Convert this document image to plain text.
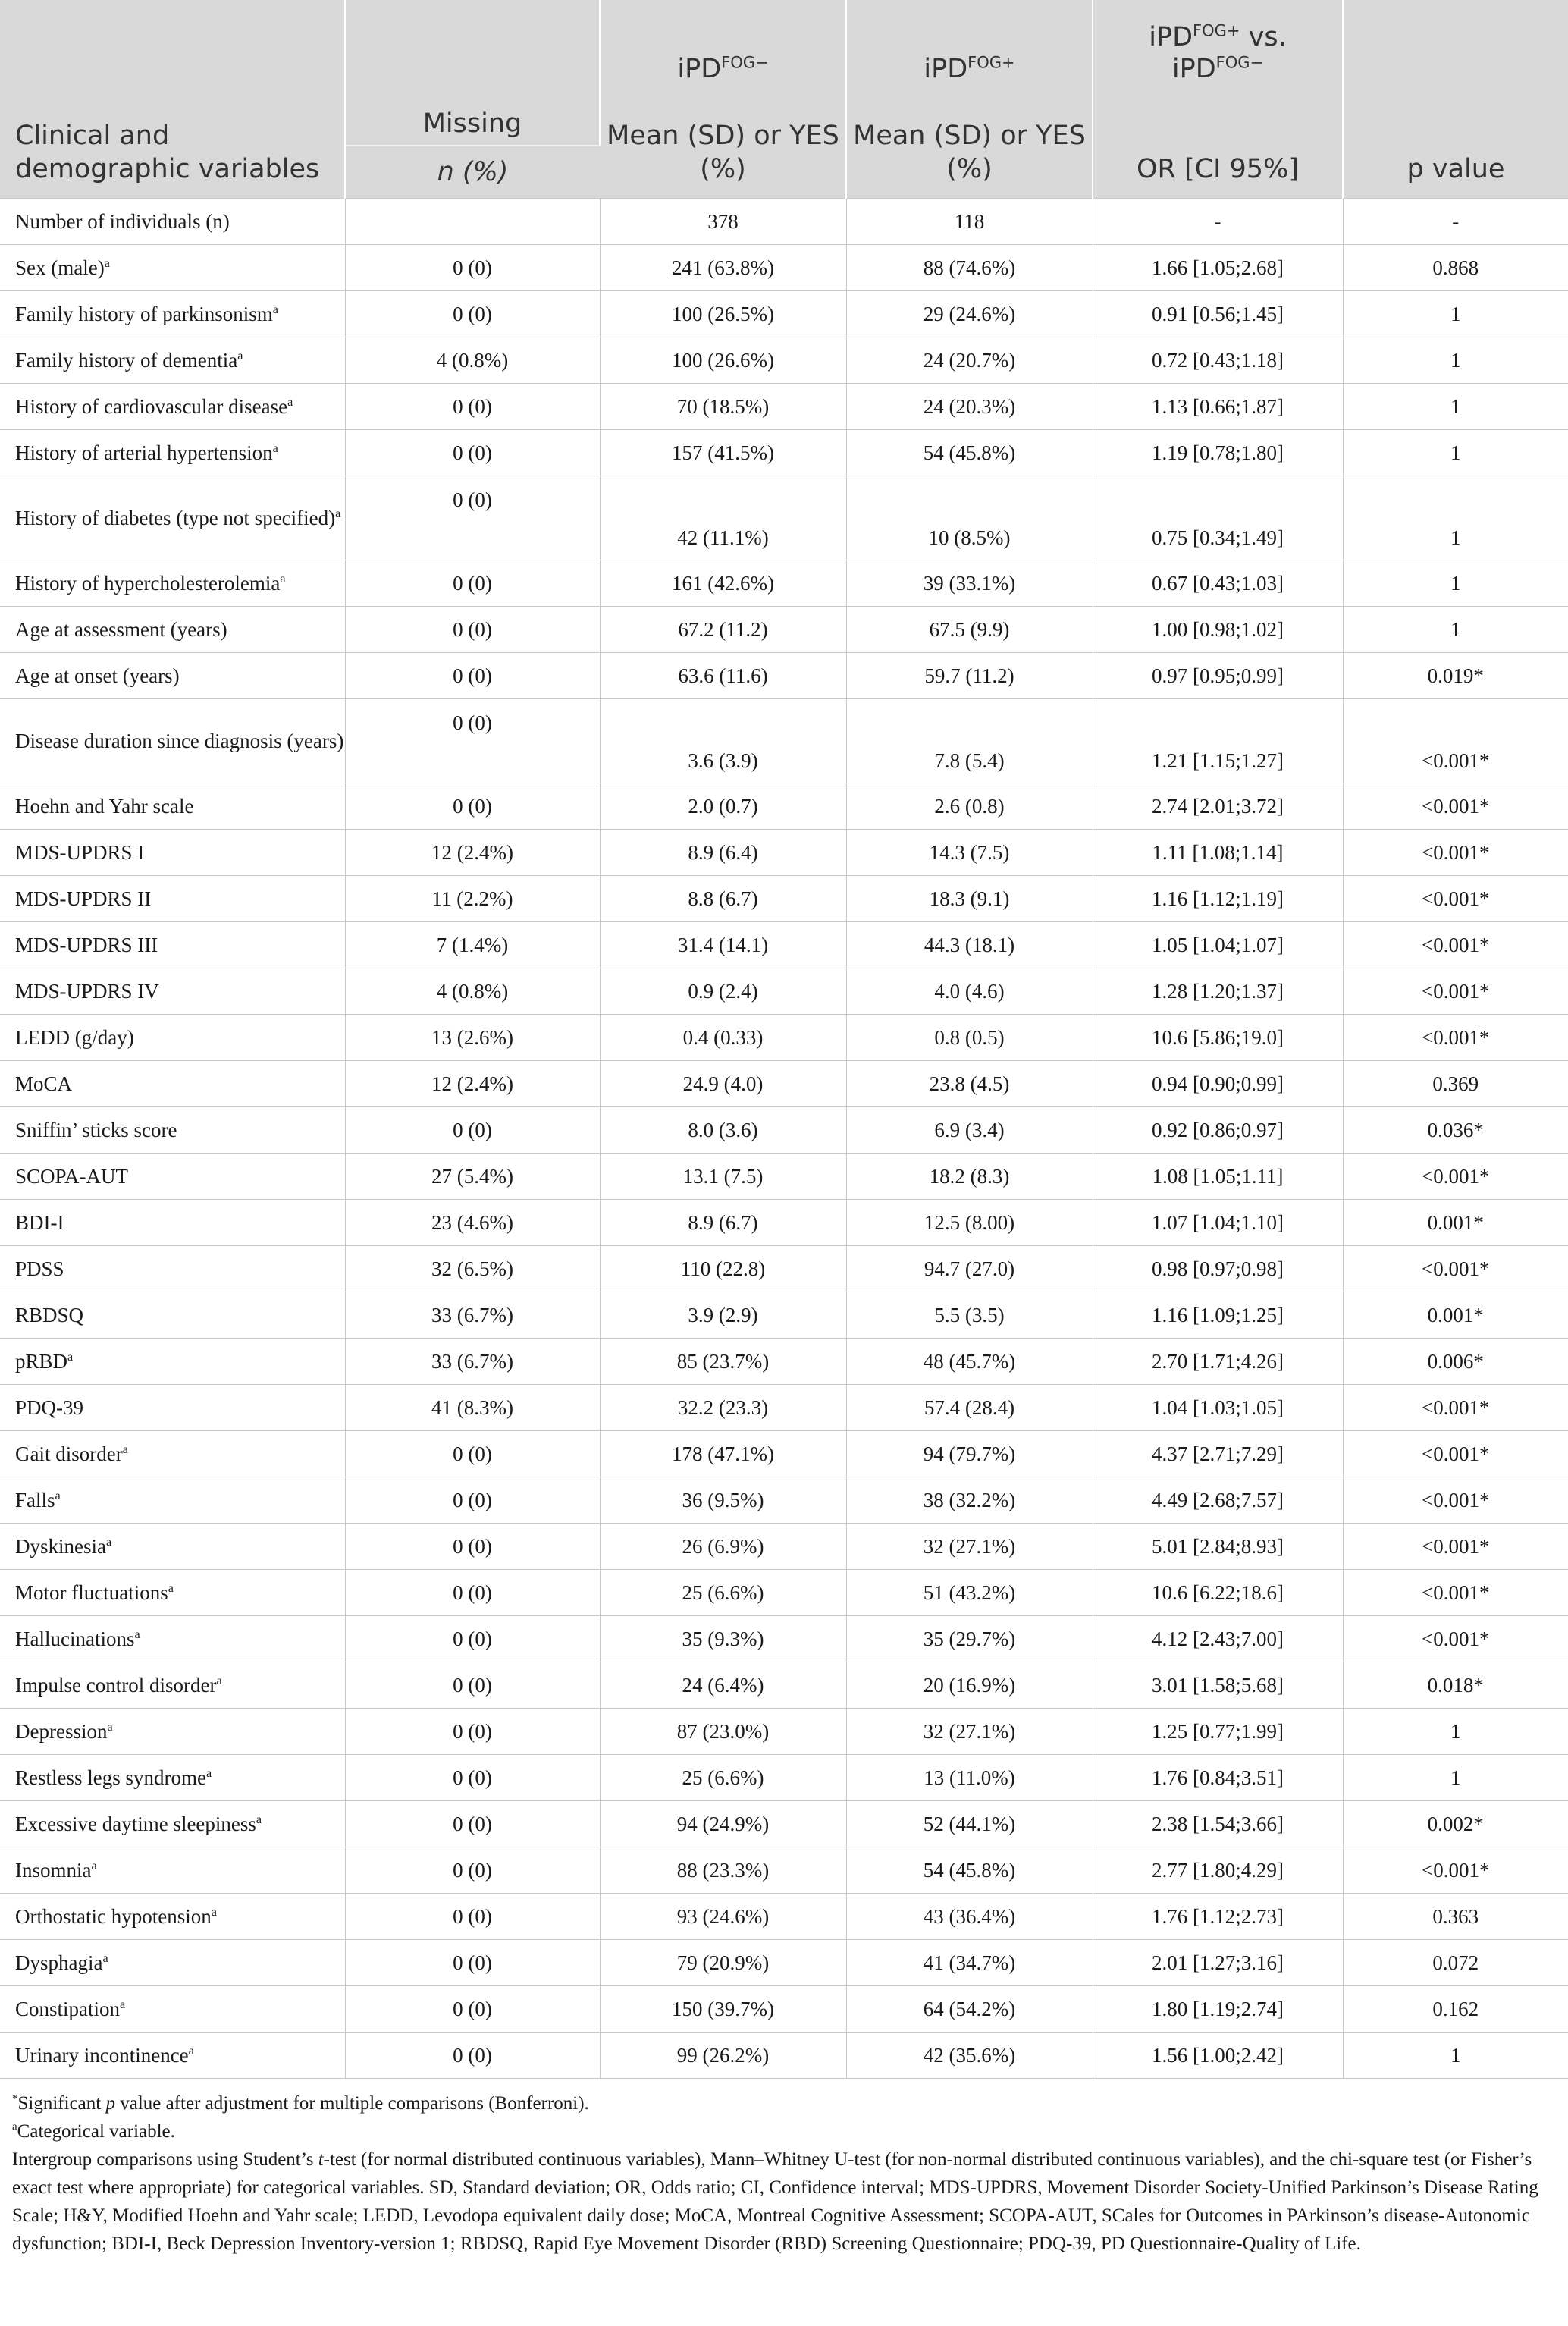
		iPD$^{FOG-}$	iPD$^{FOG+}$	iPD$^{FOG+}$ vs.
iPD$^{FOG-}$	
Clinical and demographic variables	Missing	Mean (SD) or YES (%)	Mean (SD) or YES (%)	OR [CI 95%]	p value
	n (%)				
Number of individuals (n)		378	118	-	-
Sex (male)$^a$	0 (0)	241 (63.8%)	88 (74.6%)	1.66 [1.05;2.68]	0.868
Family history of parkinsonism$^a$	0 (0)	100 (26.5%)	29 (24.6%)	0.91 [0.56;1.45]	1
Family history of dementia$^a$	4 (0.8%)	100 (26.6%)	24 (20.7%)	0.72 [0.43;1.18]	1
History of cardiovascular disease$^a$	0 (0)	70 (18.5%)	24 (20.3%)	1.13 [0.66;1.87]	1
History of arterial hypertension$^a$	0 (0)	157 (41.5%)	54 (45.8%)	1.19 [0.78;1.80]	1
History of diabetes (type not specified)$^a$	0 (0)	42 (11.1%)	10 (8.5%)	0.75 [0.34;1.49]	1
History of hypercholesterolemia$^a$	0 (0)	161 (42.6%)	39 (33.1%)	0.67 [0.43;1.03]	1
Age at assessment (years)	0 (0)	67.2 (11.2)	67.5 (9.9)	1.00 [0.98;1.02]	1
Age at onset (years)	0 (0)	63.6 (11.6)	59.7 (11.2)	0.97 [0.95;0.99]	0.019*
Disease duration since diagnosis (years)	0 (0)	3.6 (3.9)	7.8 (5.4)	1.21 [1.15;1.27]	<0.001*
Hoehn and Yahr scale	0 (0)	2.0 (0.7)	2.6 (0.8)	2.74 [2.01;3.72]	<0.001*
MDS-UPDRS I	12 (2.4%)	8.9 (6.4)	14.3 (7.5)	1.11 [1.08;1.14]	<0.001*
MDS-UPDRS II	11 (2.2%)	8.8 (6.7)	18.3 (9.1)	1.16 [1.12;1.19]	<0.001*
MDS-UPDRS III	7 (1.4%)	31.4 (14.1)	44.3 (18.1)	1.05 [1.04;1.07]	<0.001*
MDS-UPDRS IV	4 (0.8%)	0.9 (2.4)	4.0 (4.6)	1.28 [1.20;1.37]	<0.001*
LEDD (g/day)	13 (2.6%)	0.4 (0.33)	0.8 (0.5)	10.6 [5.86;19.0]	<0.001*
MoCA	12 (2.4%)	24.9 (4.0)	23.8 (4.5)	0.94 [0.90;0.99]	0.369
Sniffin’ sticks score	0 (0)	8.0 (3.6)	6.9 (3.4)	0.92 [0.86;0.97]	0.036*
SCOPA-AUT	27 (5.4%)	13.1 (7.5)	18.2 (8.3)	1.08 [1.05;1.11]	<0.001*
BDI-I	23 (4.6%)	8.9 (6.7)	12.5 (8.00)	1.07 [1.04;1.10]	0.001*
PDSS	32 (6.5%)	110 (22.8)	94.7 (27.0)	0.98 [0.97;0.98]	<0.001*
RBDSQ	33 (6.7%)	3.9 (2.9)	5.5 (3.5)	1.16 [1.09;1.25]	0.001*
pRBD$^a$	33 (6.7%)	85 (23.7%)	48 (45.7%)	2.70 [1.71;4.26]	0.006*
PDQ-39	41 (8.3%)	32.2 (23.3)	57.4 (28.4)	1.04 [1.03;1.05]	<0.001*
Gait disorder$^a$	0 (0)	178 (47.1%)	94 (79.7%)	4.37 [2.71;7.29]	<0.001*
Falls$^a$	0 (0)	36 (9.5%)	38 (32.2%)	4.49 [2.68;7.57]	<0.001*
Dyskinesia$^a$	0 (0)	26 (6.9%)	32 (27.1%)	5.01 [2.84;8.93]	<0.001*
Motor fluctuations$^a$	0 (0)	25 (6.6%)	51 (43.2%)	10.6 [6.22;18.6]	<0.001*
Hallucinations$^a$	0 (0)	35 (9.3%)	35 (29.7%)	4.12 [2.43;7.00]	<0.001*
Impulse control disorder$^a$	0 (0)	24 (6.4%)	20 (16.9%)	3.01 [1.58;5.68]	0.018*
Depression$^a$	0 (0)	87 (23.0%)	32 (27.1%)	1.25 [0.77;1.99]	1
Restless legs syndrome$^a$	0 (0)	25 (6.6%)	13 (11.0%)	1.76 [0.84;3.51]	1
Excessive daytime sleepiness$^a$	0 (0)	94 (24.9%)	52 (44.1%)	2.38 [1.54;3.66]	0.002*
Insomnia$^a$	0 (0)	88 (23.3%)	54 (45.8%)	2.77 [1.80;4.29]	<0.001*
Orthostatic hypotension$^a$	0 (0)	93 (24.6%)	43 (36.4%)	1.76 [1.12;2.73]	0.363
Dysphagia$^a$	0 (0)	79 (20.9%)	41 (34.7%)	2.01 [1.27;3.16]	0.072
Constipation$^a$	0 (0)	150 (39.7%)	64 (54.2%)	1.80 [1.19;2.74]	0.162
Urinary incontinence$^a$	0 (0)	99 (26.2%)	42 (35.6%)	1.56 [1.00;2.42]	1

*Significant p value after adjustment for multiple comparisons (Bonferroni).

$^a$Categorical variable.

Intergroup comparisons using Student’s t-test (for normal distributed continuous variables), Mann–Whitney U-test (for non-normal distributed continuous variables), and the chi-square test (or Fisher’s exact test where appropriate) for categorical variables. SD, Standard deviation; OR, Odds ratio; CI, Confidence interval; MDS-UPDRS, Movement Disorder Society-Unified Parkinson’s Disease Rating Scale; H&Y, Modified Hoehn and Yahr scale; LEDD, Levodopa equivalent daily dose; MoCA, Montreal Cognitive Assessment; SCOPA-AUT, SCales for Outcomes in PArkinson’s disease-Autonomic dysfunction; BDI-I, Beck Depression Inventory-version 1; RBDSQ, Rapid Eye Movement Disorder (RBD) Screening Questionnaire; PDQ-39, PD Questionnaire-Quality of Life.
